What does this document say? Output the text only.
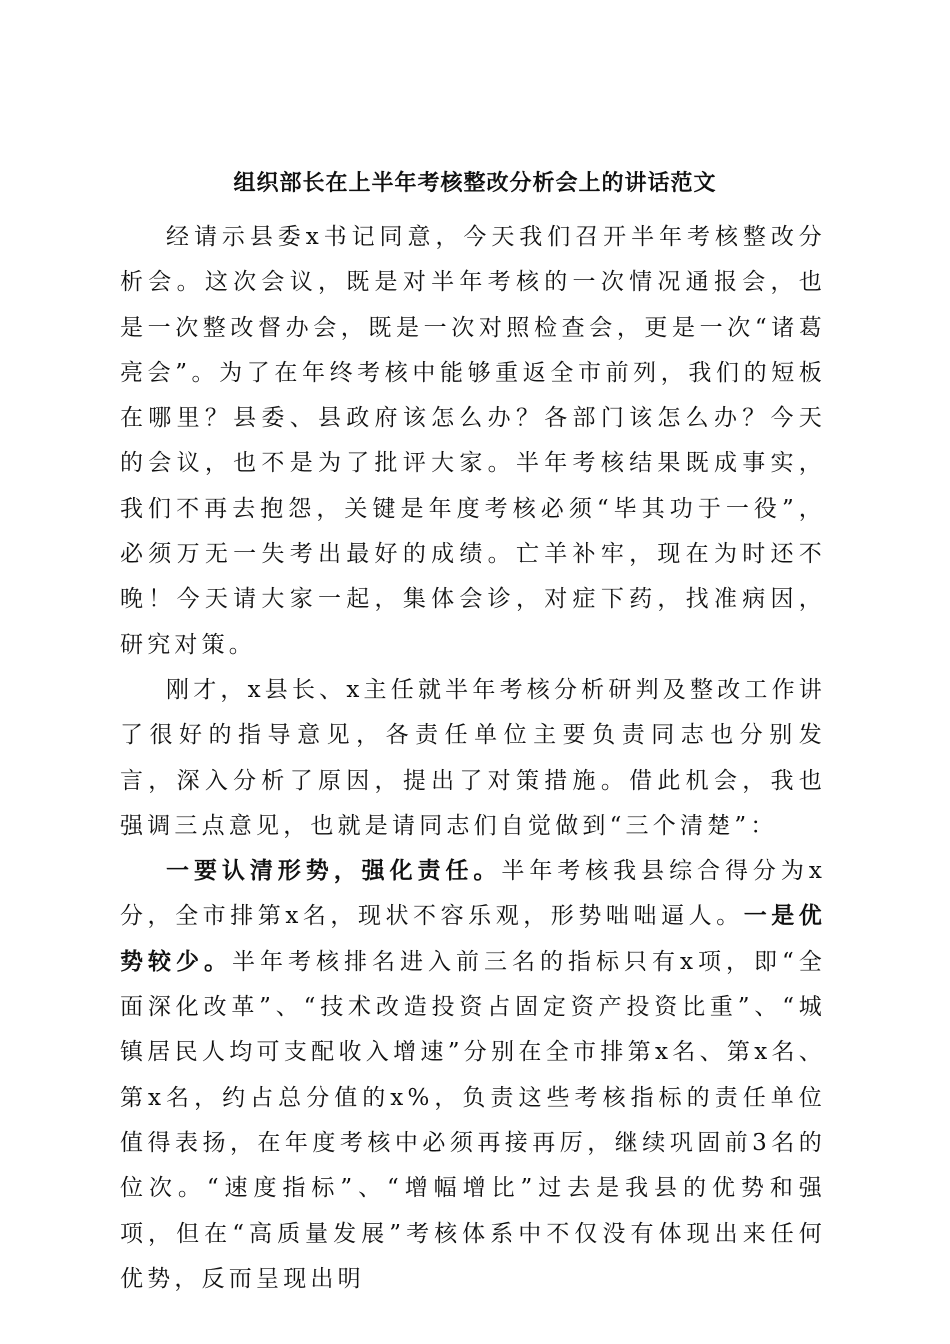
组织部长在上半年考核整改分析会上的讲话范文

经请示县委x书记同意，今天我们召开半年考核整改分析会。这次会议，既是对半年考核的一次情况通报会，也是一次整改督办会，既是一次对照检查会，更是一次“诸葛亮会”。为了在年终考核中能够重返全市前列，我们的短板在哪里？县委、县政府该怎么办？各部门该怎么办？今天的会议，也不是为了批评大家。半年考核结果既成事实，我们不再去抱怨，关键是年度考核必须“毕其功于一役”，必须万无一失考出最好的成绩。亡羊补牢，现在为时还不晚！今天请大家一起，集体会诊，对症下药，找准病因，研究对策。

刚才，x县长、x主任就半年考核分析研判及整改工作讲了很好的指导意见，各责任单位主要负责同志也分别发言，深入分析了原因，提出了对策措施。借此机会，我也强调三点意见，也就是请同志们自觉做到“三个清楚”：

一要认清形势，强化责任。半年考核我县综合得分为x分，全市排第x名，现状不容乐观，形势咄咄逼人。一是优势较少。半年考核排名进入前三名的指标只有x项，即“全面深化改革”、“技术改造投资占固定资产投资比重”、“城镇居民人均可支配收入增速”分别在全市排第x名、第x名、第x名，约占总分值的x%，负责这些考核指标的责任单位值得表扬，在年度考核中必须再接再厉，继续巩固前3名的位次。“速度指标”、“增幅增比”过去是我县的优势和强项，但在“高质量发展”考核体系中不仅没有体现出来任何优势，反而呈现出明
